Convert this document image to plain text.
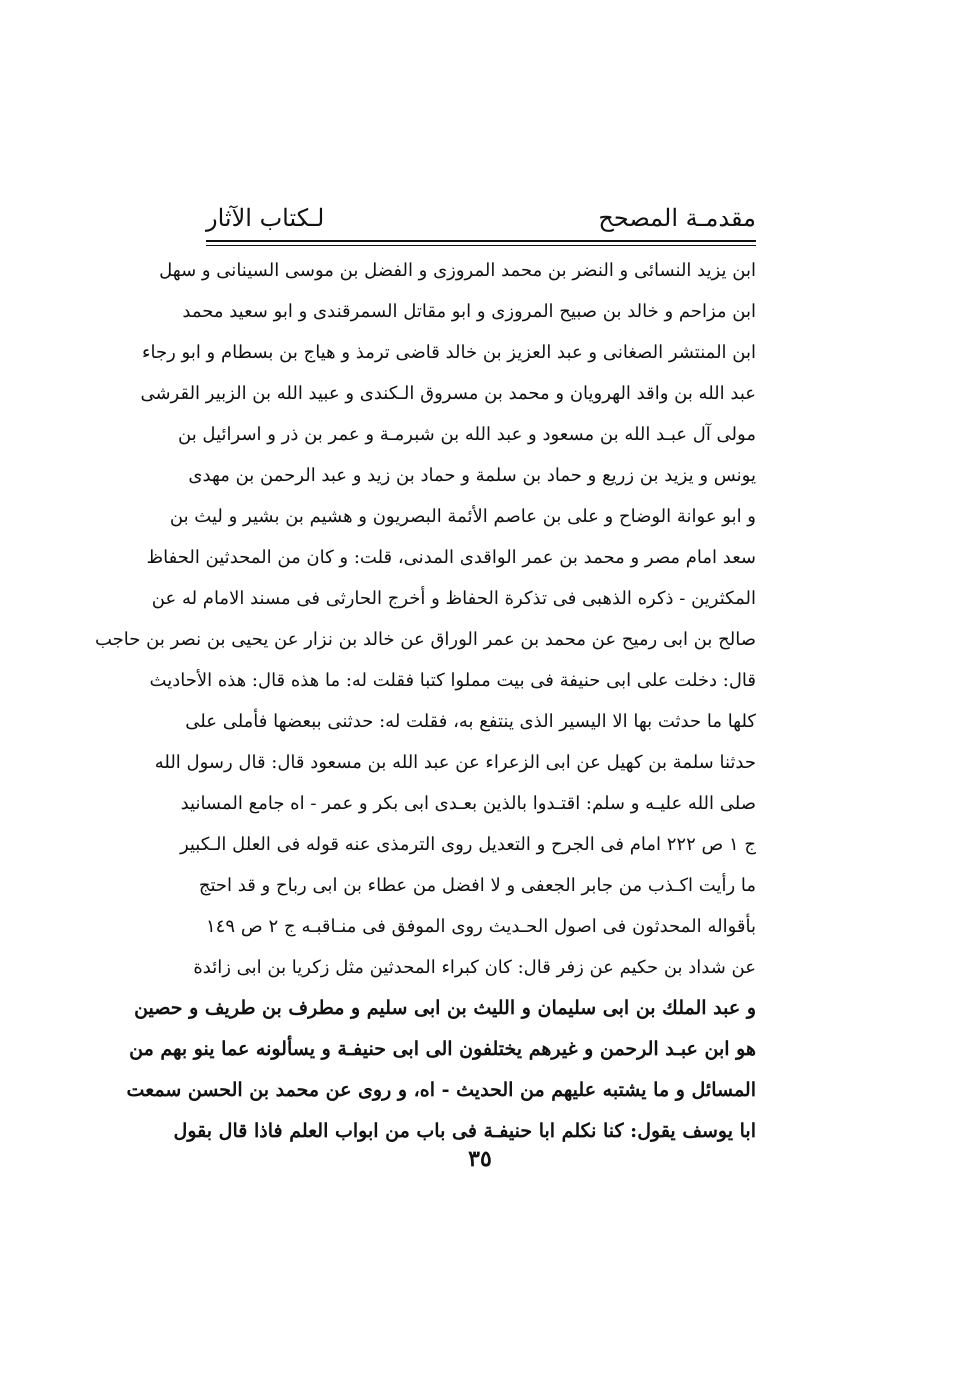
مقدمـة المصحح
لـكتاب الآثار
ابن يزيد النسائى و النضر بن محمد المروزى و الفضل بن موسى السينانى و سهل
ابن مزاحم و خالد بن صبيح المروزى و ابو مقاتل السمرقندى و ابو سعيد محمد
ابن المنتشر الصغانى و عبد العزيز بن خالد قاضى ترمذ و هياج بن بسطام و ابو رجاء
عبد الله بن واقد الهرويان و محمد بن مسروق الـكندى و عبيد الله بن الزبير القرشى
مولى آل عبـد الله بن مسعود و عبد الله بن شبرمـة و عمر بن ذر و اسرائيل بن
يونس و يزيد بن زريع و حماد بن سلمة و حماد بن زيد و عبد الرحمن بن مهدى
و ابو عوانة الوضاح و على بن عاصم الأئمة البصريون و هشيم بن بشير و ليث بن
سعد امام مصر و محمد بن عمر الواقدى المدنى، قلت: و كان من المحدثين الحفاظ
المكثرين - ذكره الذهبى فى تذكرة الحفاظ و أخرج الحارثى فى مسند الامام له عن
صالح بن ابى رميح عن محمد بن عمر الوراق عن خالد بن نزار عن يحيى بن نصر بن حاجب
قال: دخلت على ابى حنيفة فى بيت مملوا كتبا فقلت له: ما هذه قال: هذه الأحاديث
كلها ما حدثت بها الا اليسير الذى ينتفع به، فقلت له: حدثنى ببعضها فأملى على
حدثنا سلمة بن كهيل عن ابى الزعراء عن عبد الله بن مسعود قال: قال رسول الله
صلى الله عليـه و سلم: اقتـدوا بالذين بعـدى ابى بكر و عمر - اه جامع المسانيد
ج ١ ص ٢٢٢ امام فى الجرح و التعديل روى الترمذى عنه قوله فى العلل الـكبير
ما رأيت اكـذب من جابر الجعفى و لا افضل من عطاء بن ابى رباح و قد احتج
بأقواله المحدثون فى اصول الحـديث روى الموفق فى منـاقبـه ج ٢ ص ١٤٩
عن شداد بن حكيم عن زفر قال: كان كبراء المحدثين مثل زكريا بن ابى زائدة
و عبد الملك بن ابى سليمان و الليث بن ابى سليم و مطرف بن طريف و حصين
هو ابن عبـد الرحمن و غيرهم يختلفون الى ابى حنيفـة و يسألونه عما ينو بهم من
المسائل و ما يشتبه عليهم من الحديث - اه، و روى عن محمد بن الحسن سمعت
ابا يوسف يقول: كنا نكلم ابا حنيفـة فى باب من ابواب العلم فاذا قال بقول
٣٥
